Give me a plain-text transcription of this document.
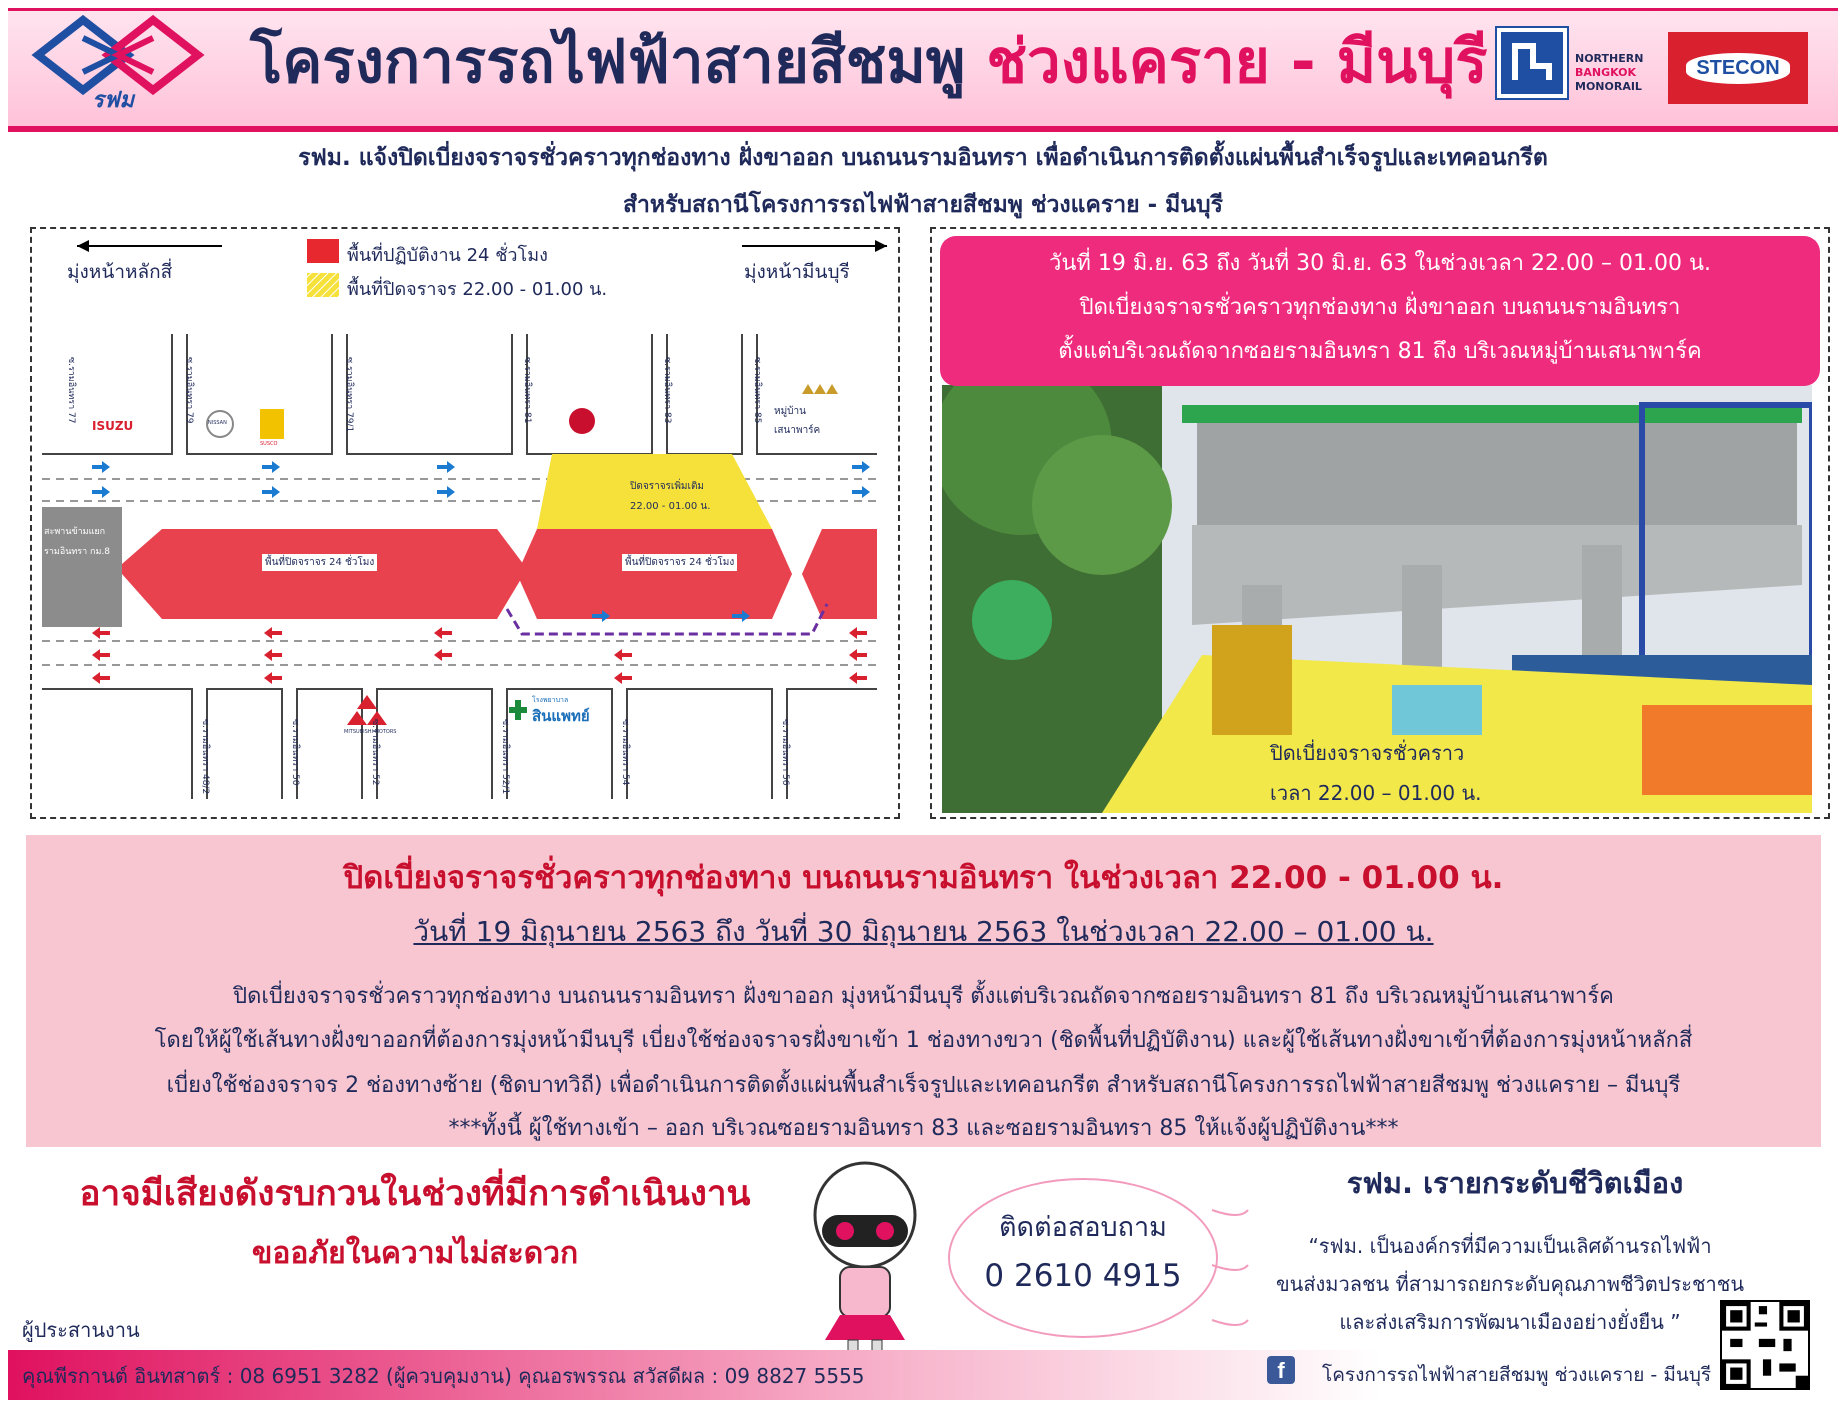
รฟม
โครงการรถไฟฟ้าสายสีชมพู ช่วงแคราย - มีนบุรี	NORTHERN
BANGKOK
MONORAIL
STECON
รฟม. แจ้งปิดเบี่ยงจราจรชั่วคราวทุกช่องทาง ฝั่งขาออก บนถนนรามอินทรา เพื่อดำเนินการติดตั้งแผ่นพื้นสำเร็จรูปและเทคอนกรีต
สำหรับสถานีโครงการรถไฟฟ้าสายสีชมพู ช่วงแคราย - มีนบุรี
มุ่งหน้าหลักสี่	มุ่งหน้ามีนบุรี
พื้นที่ปฏิบัติงาน 24 ชั่วโมง
พื้นที่ปิดจราจร 22.00 - 01.00 น.
ปิดจราจรเพิ่มเติม
22.00 - 01.00 น.
พื้นที่ปิดจราจร 24 ชั่วโมง	พื้นที่ปิดจราจร 24 ชั่วโมง
สะพานข้ามแยก
รามอินทรา กม.8
ซ.รามอินทรา 77	ซ.รามอินทรา 79	ซ.รามอินทรา 79/1	ซ.รามอินทรา 81	ซ.รามอินทรา 83	ซ.รามอินทรา 85
ซ.รามอินทรา 48/2	ซ.รามอินทรา 50	ซ.รามอินทรา 52	ซ.รามอินทรา 52/1	ซ.รามอินทรา 54	ซ.รามอินทรา 56
ISUZU	NISSAN
SUSCO
หมู่บ้าน
เสนาพาร์ค
MITSUBISHI MOTORS
โรงพยาบาล
สินแพทย์
วันที่ 19 มิ.ย. 63 ถึง วันที่ 30 มิ.ย. 63 ในช่วงเวลา 22.00 – 01.00 น.
ปิดเบี่ยงจราจรชั่วคราวทุกช่องทาง ฝั่งขาออก บนถนนรามอินทรา
ตั้งแต่บริเวณถัดจากซอยรามอินทรา 81 ถึง บริเวณหมู่บ้านเสนาพาร์ค
ปิดเบี่ยงจราจรชั่วคราว
เวลา 22.00 – 01.00 น.
ปิดเบี่ยงจราจรชั่วคราวทุกช่องทาง บนถนนรามอินทรา ในช่วงเวลา 22.00 - 01.00 น.
วันที่ 19 มิถุนายน 2563 ถึง วันที่ 30 มิถุนายน 2563 ในช่วงเวลา 22.00 – 01.00 น.
ปิดเบี่ยงจราจรชั่วคราวทุกช่องทาง บนถนนรามอินทรา ฝั่งขาออก มุ่งหน้ามีนบุรี ตั้งแต่บริเวณถัดจากซอยรามอินทรา 81 ถึง บริเวณหมู่บ้านเสนาพาร์ค
โดยให้ผู้ใช้เส้นทางฝั่งขาออกที่ต้องการมุ่งหน้ามีนบุรี เบี่ยงใช้ช่องจราจรฝั่งขาเข้า 1 ช่องทางขวา (ชิดพื้นที่ปฏิบัติงาน) และผู้ใช้เส้นทางฝั่งขาเข้าที่ต้องการมุ่งหน้าหลักสี่
เบี่ยงใช้ช่องจราจร 2 ช่องทางซ้าย (ชิดบาทวิถี) เพื่อดำเนินการติดตั้งแผ่นพื้นสำเร็จรูปและเทคอนกรีต สำหรับสถานีโครงการรถไฟฟ้าสายสีชมพู ช่วงแคราย – มีนบุรี
***ทั้งนี้ ผู้ใช้ทางเข้า – ออก บริเวณซอยรามอินทรา 83 และซอยรามอินทรา 85 ให้แจ้งผู้ปฏิบัติงาน***
อาจมีเสียงดังรบกวนในช่วงที่มีการดำเนินงาน
ขออภัยในความไม่สะดวก
ติดต่อสอบถาม
0 2610 4915
รฟม. เรายกระดับชีวิตเมือง
“รฟม. เป็นองค์กรที่มีความเป็นเลิศด้านรถไฟฟ้า
ขนส่งมวลชน ที่สามารถยกระดับคุณภาพชีวิตประชาชน
และส่งเสริมการพัฒนาเมืองอย่างยั่งยืน ”
ผู้ประสานงาน
คุณพีรกานต์ อินทสาตร์ : 08 6951 3282 (ผู้ควบคุมงาน) คุณอรพรรณ สวัสดีผล : 09 8827 5555	f	โครงการรถไฟฟ้าสายสีชมพู ช่วงแคราย - มีนบุรี
